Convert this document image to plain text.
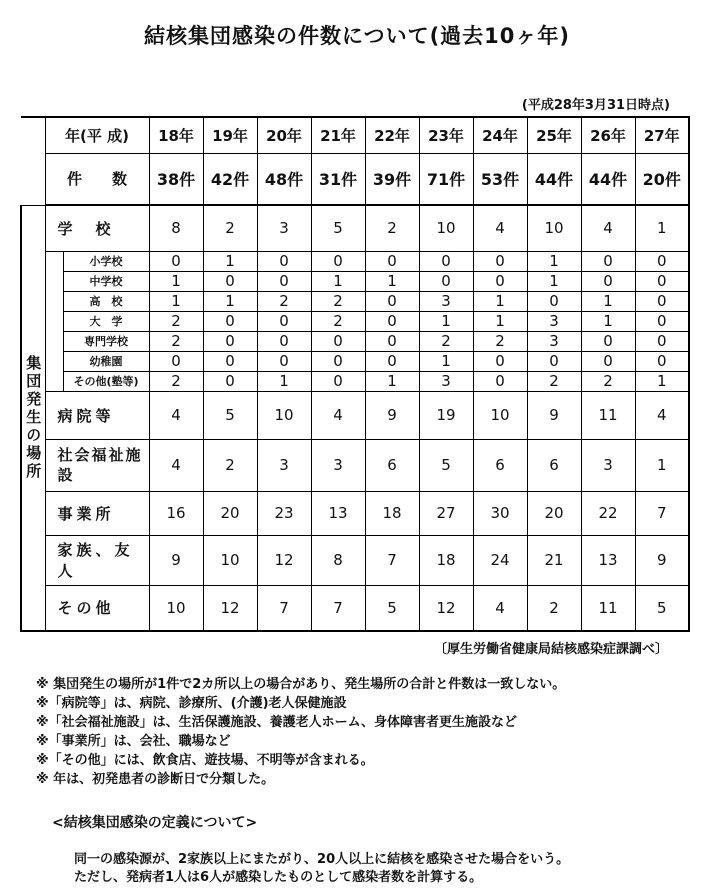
結核集団感染の件数について(過去10ヶ年)
(平成28年3月31日時点)
	年(平 成)		18年	19年	20年	21年	22年	23年	24年	25年	26年	27年
	件　　数		38件	42件	48件	31件	39件	71件	53件	44件	44件	20件
集団発生の場所	学　校		8	2	3	5	2	10	4	10	4	1
		小学校	0	1	0	0	0	0	0	1	0	0
		中学校	1	0	0	1	1	0	0	1	0	0
		高　校	1	1	2	2	0	3	1	0	1	0
		大　学	2	0	0	2	0	1	1	3	1	0
		専門学校	2	0	0	0	0	2	2	3	0	0
		幼稚園	0	0	0	0	0	1	0	0	0	0
		その他(塾等)	2	0	1	0	1	3	0	2	2	1
	病院等		4	5	10	4	9	19	10	9	11	4
	社会福祉施　設		4	2	3	3	6	5	6	6	3	1
	事業所		16	20	23	13	18	27	30	20	22	7
	家族、友人		9	10	12	8	7	18	24	21	13	9
	その他		10	12	7	7	5	12	4	2	11	5
〔厚生労働省健康局結核感染症課調べ〕
※ 集団発生の場所が1件で2カ所以上の場合があり、発生場所の合計と件数は一致しない。
※「病院等」は、病院、診療所、(介護)老人保健施設
※「社会福祉施設」は、生活保護施設、養護老人ホーム、身体障害者更生施設など
※「事業所」は、会社、職場など
※「その他」には、飲食店、遊技場、不明等が含まれる。
※ 年は、初発患者の診断日で分類した。
<結核集団感染の定義について>
同一の感染源が、2家族以上にまたがり、20人以上に結核を感染させた場合をいう。
ただし、発病者1人は6人が感染したものとして感染者数を計算する。
